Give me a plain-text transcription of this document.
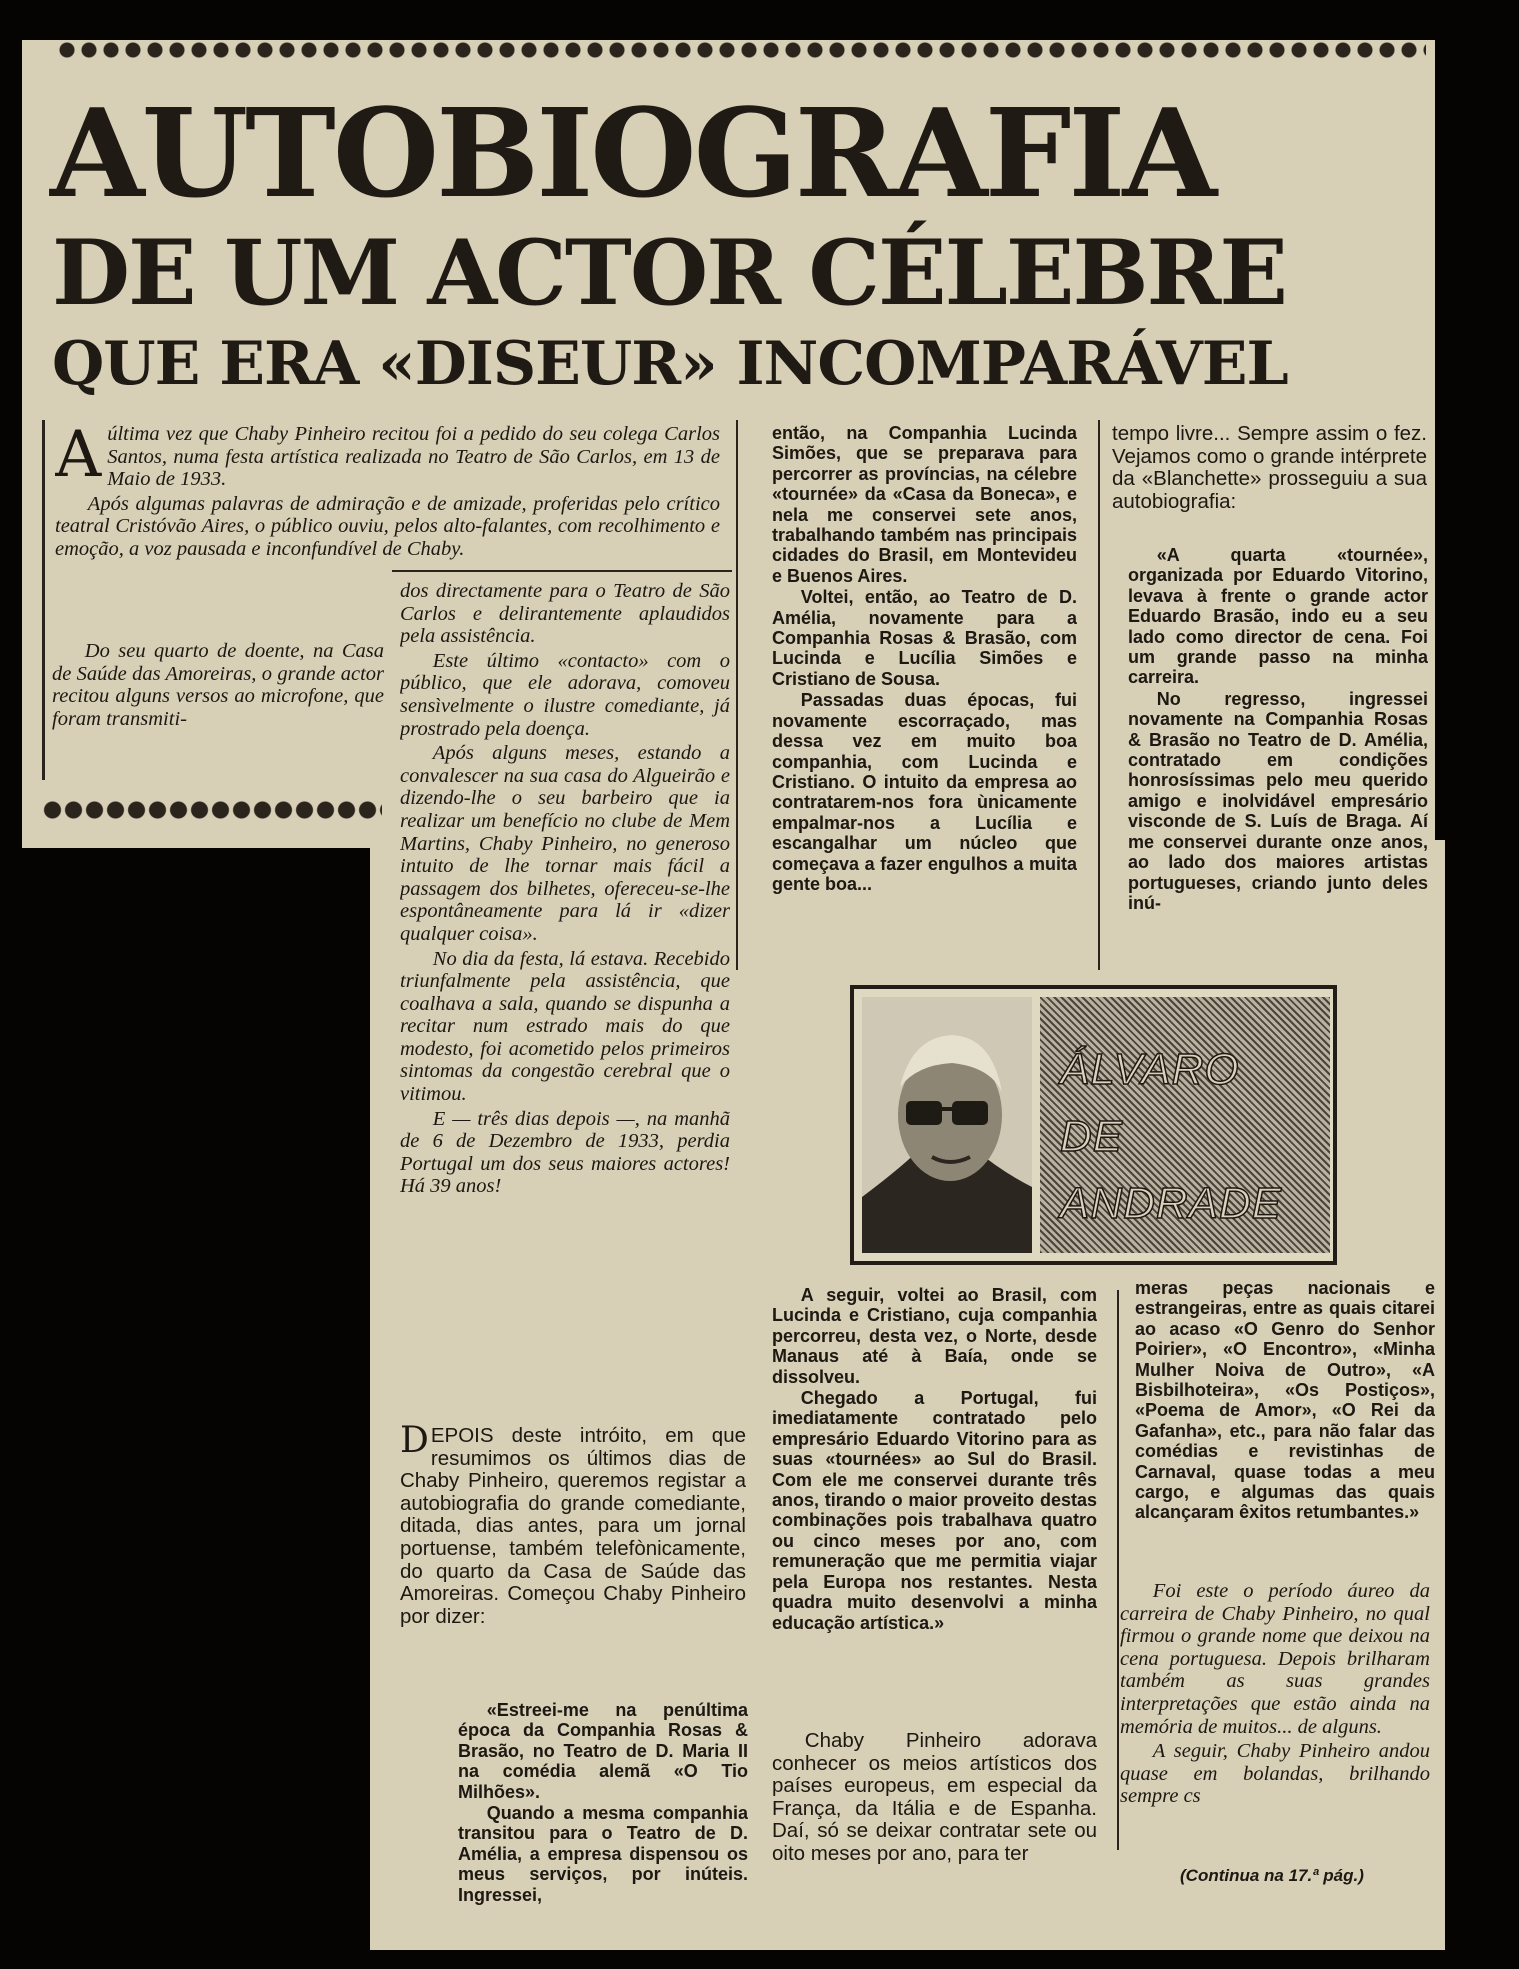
AUTOBIOGRAFIA
DE UM ACTOR CÉLEBRE
QUE ERA «DISEUR» INCOMPARÁVEL
A última vez que Chaby Pinheiro recitou foi a pedido do seu colega Carlos Santos, numa festa artística realizada no Teatro de São Carlos, em 13 de Maio de 1933.

Após algumas palavras de admiração e de amizade, proferidas pelo crítico teatral Cristóvão Aires, o público ouviu, pelos alto-falantes, com recolhimento e emoção, a voz pausada e inconfundível de Chaby.

Do seu quarto de doente, na Casa de Saúde das Amoreiras, o grande actor recitou alguns versos ao microfone, que foram transmiti-

dos directamente para o Teatro de São Carlos e delirantemente aplaudidos pela assistência.

Este último «contacto» com o público, que ele adorava, comoveu sensìvelmente o ilustre comediante, já prostrado pela doença.

Após alguns meses, estando a convalescer na sua casa do Algueirão e dizendo-lhe o seu barbeiro que ia realizar um benefício no clube de Mem Martins, Chaby Pinheiro, no generoso intuito de lhe tornar mais fácil a passagem dos bilhetes, ofereceu-se-lhe espontâneamente para lá ir «dizer qualquer coisa».

No dia da festa, lá estava. Recebido triunfalmente pela assistência, que coalhava a sala, quando se dispunha a recitar num estrado mais do que modesto, foi acometido pelos primeiros sintomas da congestão cerebral que o vitimou.

E — três dias depois —, na manhã de 6 de Dezembro de 1933, perdia Portugal um dos seus maiores actores! Há 39 anos!

D EPOIS deste intróito, em que resumimos os últimos dias de Chaby Pinheiro, queremos registar a autobiografia do grande comediante, ditada, dias antes, para um jornal portuense, também telefònicamente, do quarto da Casa de Saúde das Amoreiras. Começou Chaby Pinheiro por dizer:

«Estreei-me na penúltima época da Companhia Rosas & Brasão, no Teatro de D. Maria II na comédia alemã «O Tio Milhões».

Quando a mesma companhia transitou para o Teatro de D. Amélia, a empresa dispensou os meus serviços, por inúteis. Ingressei,

então, na Companhia Lucinda Simões, que se preparava para percorrer as províncias, na célebre «tournée» da «Casa da Boneca», e nela me conservei sete anos, trabalhando também nas principais cidades do Brasil, em Montevideu e Buenos Aires.

Voltei, então, ao Teatro de D. Amélia, novamente para a Companhia Rosas & Brasão, com Lucinda e Lucília Simões e Cristiano de Sousa.

Passadas duas épocas, fui novamente escorraçado, mas dessa vez em muito boa companhia, com Lucinda e Cristiano. O intuito da empresa ao contratarem-nos fora ùnicamente empalmar-nos a Lucília e escangalhar um núcleo que começava a fazer engulhos a muita gente boa...

tempo livre... Sempre assim o fez. Vejamos como o grande intérprete da «Blanchette» prosseguiu a sua autobiografia:

«A quarta «tournée», organizada por Eduardo Vitorino, levava à frente o grande actor Eduardo Brasão, indo eu a seu lado como director de cena. Foi um grande passo na minha carreira.

No regresso, ingressei novamente na Companhia Rosas & Brasão no Teatro de D. Amélia, contratado em condições honrosíssimas pelo meu querido amigo e inolvidável empresário visconde de S. Luís de Braga. Aí me conservei durante onze anos, ao lado dos maiores artistas portugueses, criando junto deles inú-

ÁLVARO
DE
ANDRADE

A seguir, voltei ao Brasil, com Lucinda e Cristiano, cuja companhia percorreu, desta vez, o Norte, desde Manaus até à Baía, onde se dissolveu.

Chegado a Portugal, fui imediatamente contratado pelo empresário Eduardo Vitorino para as suas «tournées» ao Sul do Brasil. Com ele me conservei durante três anos, tirando o maior proveito destas combinações pois trabalhava quatro ou cinco meses por ano, com remuneração que me permitia viajar pela Europa nos restantes. Nesta quadra muito desenvolvi a minha educação artística.»

Chaby Pinheiro adorava conhecer os meios artísticos dos países europeus, em especial da França, da Itália e de Espanha. Daí, só se deixar contratar sete ou oito meses por ano, para ter

meras peças nacionais e estrangeiras, entre as quais citarei ao acaso «O Genro do Senhor Poirier», «O Encontro», «Minha Mulher Noiva de Outro», «A Bisbilhoteira», «Os Postiços», «Poema de Amor», «O Rei da Gafanha», etc., para não falar das comédias e revistinhas de Carnaval, quase todas a meu cargo, e algumas das quais alcançaram êxitos retumbantes.»

Foi este o período áureo da carreira de Chaby Pinheiro, no qual firmou o grande nome que deixou na cena portuguesa. Depois brilharam também as suas grandes interpretações que estão ainda na memória de muitos... de alguns.

A seguir, Chaby Pinheiro andou quase em bolandas, brilhando sempre cs

(Continua na 17.ª pág.)
